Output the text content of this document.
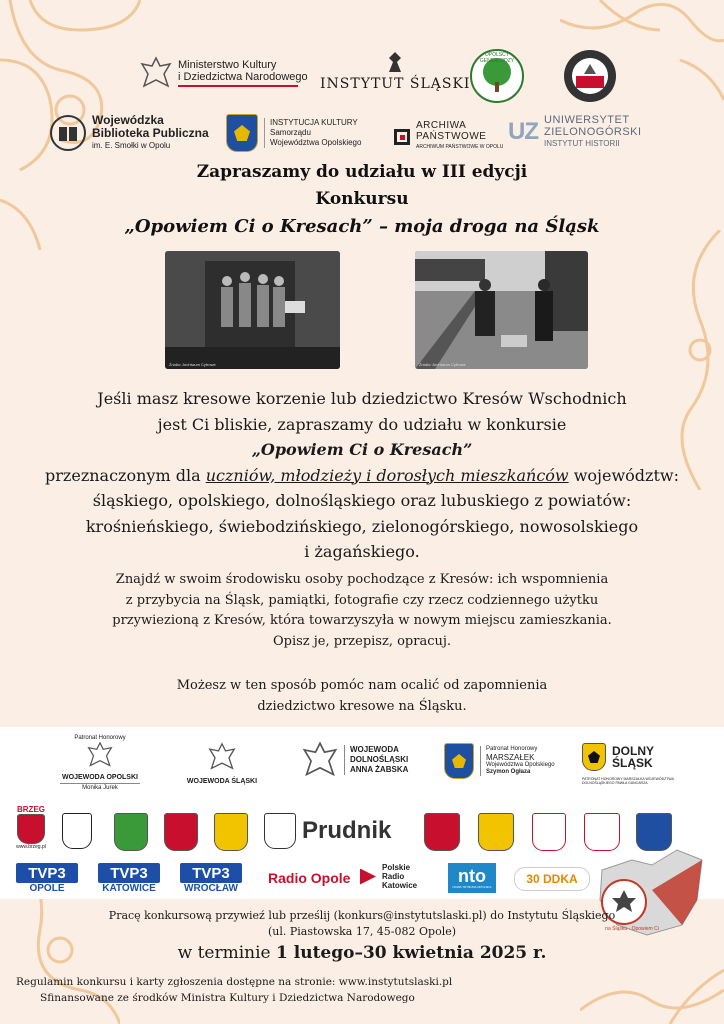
Ministerstwo Kultury
i Dziedzictwa Narodowego INSTYTUT ŚLĄSKI
OPOLSCY GENEALODZY
Wojewódzka
Biblioteka Publiczna
im. E. Smołki w Opolu
INSTYTUCJA KULTURY
Samorządu
Województwa Opolskiego
ARCHIWA
PAŃSTWOWE
ARCHIWUM PAŃSTWOWE W OPOLU
UZ UNIWERSYTET
ZIELONOGÓRSKI
INSTYTUT HISTORII
Zapraszamy do udziału w III edycji
Konkursu
„Opowiem Ci o Kresach” – moja droga na Śląsk
Źródło: Archiwum Cyfrowe	Źródło: Archiwum Cyfrowe
Jeśli masz kresowe korzenie lub dziedzictwo Kresów Wschodnich
jest Ci bliskie, zapraszamy do udziału w konkursie
„Opowiem Ci o Kresach”
przeznaczonym dla uczniów, młodzieży i dorosłych mieszkańców województw:
śląskiego, opolskiego, dolnośląskiego oraz lubuskiego z powiatów:
krośnieńskiego, świebodzińskiego, zielonogórskiego, nowosolskiego
i żagańskiego.
Znajdź w swoim środowisku osoby pochodzące z Kresów: ich wspomnienia
z przybycia na Śląsk, pamiątki, fotografie czy rzecz codziennego użytku
przywiezioną z Kresów, która towarzyszyła w nowym miejscu zamieszkania.
Opisz je, przepisz, opracuj.
Możesz w ten sposób pomóc nam ocalić od zapomnienia
dziedzictwo kresowe na Śląsku.
Patronat Honorowy
WOJEWODA OPOLSKI
Monika Jurek
WOJEWODA ŚLĄSKI
WOJEWODA
DOLNOŚLĄSKI
ANNA ŻABSKA
Patronat Honorowy
MARSZAŁEK
Województwa Opolskiego
Szymon Ogłaza
DOLNY
ŚLĄSK
PATRONAT HONOROWY MARSZAŁKA WOJEWÓDZTWA DOLNOŚLĄSKIEGO PAWŁA GANCARZA
BRZEG
www.brzeg.pl
Prudnik
TVP3
OPOLE
TVP3
KATOWICE
TVP3
WROCŁAW
Radio Opole
Polskie
Radio
Katowice nto
NOWA TRYBUNA OPOLSKA
30 DDKA
na Śląsku · Opowiem Ci
Pracę konkursową przywieź lub prześlij (konkurs@instytutslaski.pl) do Instytutu Śląskiego
(ul. Piastowska 17, 45-082 Opole)
w terminie 1 lutego–30 kwietnia 2025 r.
Regulamin konkursu i karty zgłoszenia dostępne na stronie: www.instytutslaski.pl
Sfinansowane ze środków Ministra Kultury i Dziedzictwa Narodowego
